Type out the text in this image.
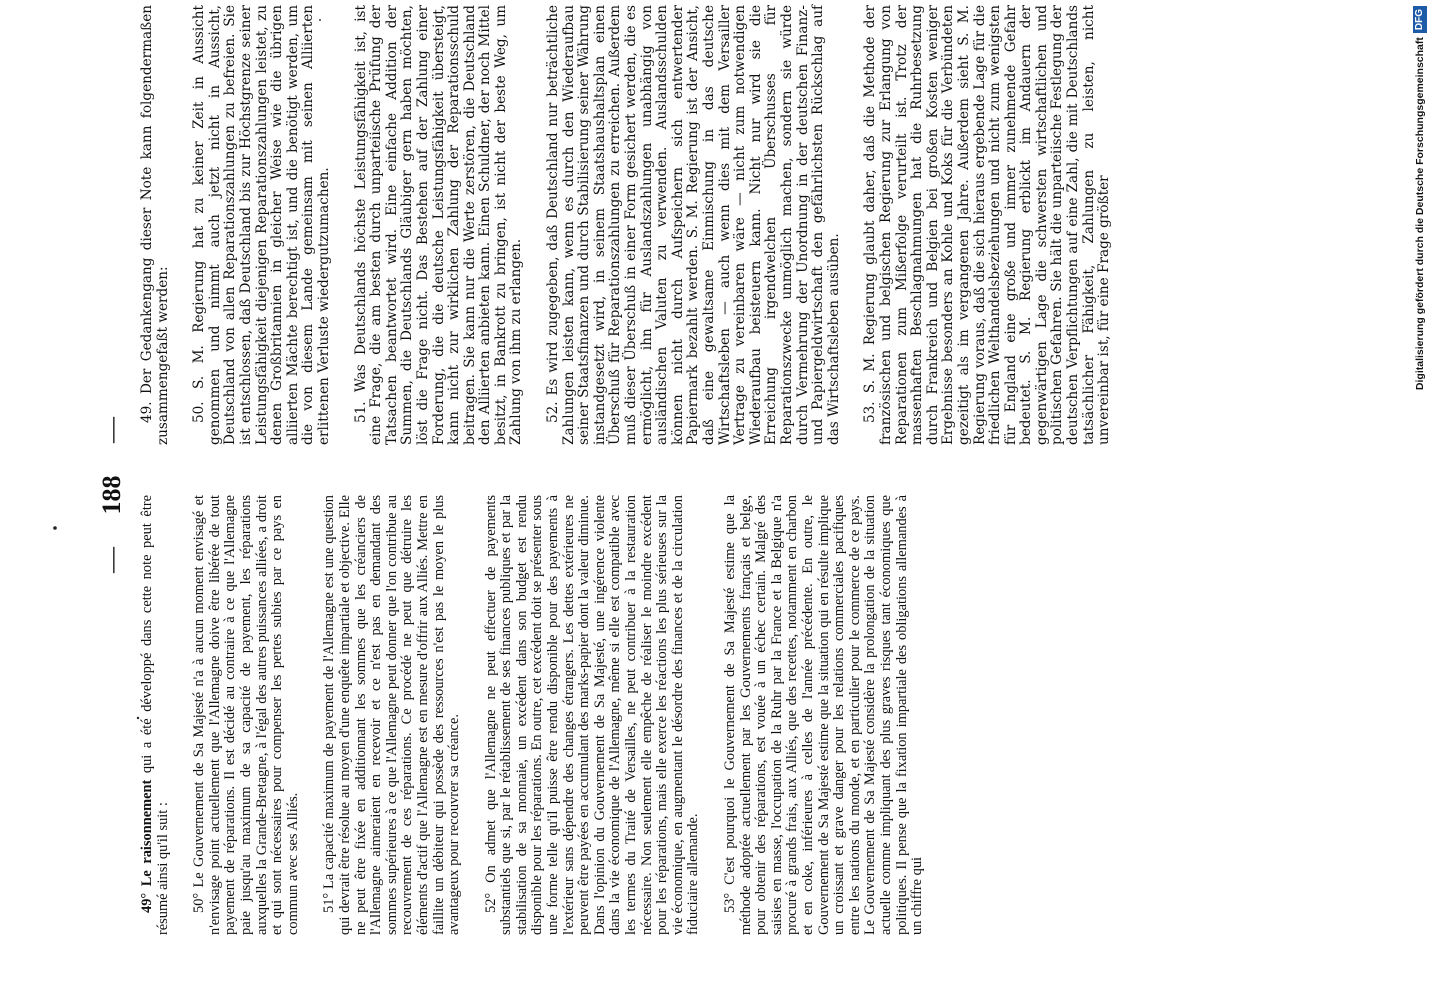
— 188 —

49° Le raisonnement qui a été développé dans cette note peut être résumé ainsi qu'il suit : 50° Le Gouvernement de Sa Majesté n'a à aucun moment envisagé et n'envisage point actuellement que l'Allemagne doive être libérée de tout payement de réparations. Il est décidé au contraire à ce que l'Allemagne paie jusqu'au maximum de sa capacité de payement, les réparations auxquelles la Grande-Bretagne, à l'égal des autres puissances alliées, a droit et qui sont nécessaires pour compenser les pertes subies par ce pays en commun avec ses Alliés. 51° La capacité maximum de payement de l'Allemagne est une question qui devrait être résolue au moyen d'une enquête impartiale et objective. Elle ne peut être fixée en additionnant les sommes que les créanciers de l'Allemagne aimeraient en recevoir et ce n'est pas en demandant des sommes supérieures à ce que l'Allemagne peut donner que l'on contribue au recouvrement de ces réparations. Ce procédé ne peut que détruire les éléments d'actif que l'Allemagne est en mesure d'offrir aux Alliés. Mettre en faillite un débiteur qui possède des ressources n'est pas le moyen le plus avantageux pour recouvrer sa créance. 52° On admet que l'Allemagne ne peut effectuer de payements substantiels que si, par le rétablissement de ses finances publiques et par la stabilisation de sa monnaie, un excédent dans son budget est rendu disponible pour les réparations. En outre, cet excédent doit se présenter sous une forme telle qu'il puisse être rendu disponible pour des payements à l'extérieur sans dépendre des changes étrangers. Les dettes extérieures ne peuvent être payées en accumulant des marks-papier dont la valeur diminue. Dans l'opinion du Gouvernement de Sa Majesté, une ingérence violente dans la vie économique de l'Allemagne, même si elle est compatible avec les termes du Traité de Versailles, ne peut contribuer à la restauration nécessaire. Non seulement elle empêche de réaliser le moindre excédent pour les réparations, mais elle exerce les réactions les plus sérieuses sur la vie économique, en augmentant le désordre des finances et de la circulation fiduciaire allemande. 53° C'est pourquoi le Gouvernement de Sa Majesté estime que la méthode adoptée actuellement par les Gouvernements français et belge, pour obtenir des réparations, est vouée à un échec certain. Malgré des saisies en masse, l'occupation de la Ruhr par la France et la Belgique n'a procuré à grands frais, aux Alliés, que des recettes, notamment en charbon et en coke, inférieures à celles de l'année précédente. En outre, le Gouvernement de Sa Majesté estime que la situation qui en résulte implique un croissant et grave danger pour les relations commerciales pacifiques entre les nations du monde, et en particulier pour le commerce de ce pays. Le Gouvernement de Sa Majesté considère la prolongation de la situation actuelle comme impliquant des plus graves risques tant économiques que politiques. Il pense que la fixation impartiale des obligations allemandes à un chiffre qui

49. Der Gedankengang dieser Note kann folgendermaßen zusammengefaßt werden: 50. S. M. Regierung hat zu keiner Zeit in Aussicht genommen und nimmt auch jetzt nicht in Aussicht, Deutschland von allen Reparationszahlungen zu befreien. Sie ist entschlossen, daß Deutschland bis zur Höchstgrenze seiner Leistungsfähigkeit diejenigen Reparationszahlungen leistet, zu denen Großbritannien in gleicher Weise wie die übrigen alliierten Mächte berechtigt ist, und die benötigt werden, um die von diesem Lande gemeinsam mit seinen Alliierten erlittenen Verluste wiedergutzumachen. 51. Was Deutschlands höchste Leistungsfähigkeit ist, ist eine Frage, die am besten durch unparteiische Prüfung der Tatsachen beantwortet wird. Eine einfache Addition der Summen, die Deutschlands Gläubiger gern haben möchten, löst die Frage nicht. Das Bestehen auf der Zahlung einer Forderung, die die deutsche Leistungsfähigkeit übersteigt, kann nicht zur wirklichen Zahlung der Reparationsschuld beitragen. Sie kann nur die Werte zerstören, die Deutschland den Alliierten anbieten kann. Einen Schuldner, der noch Mittel besitzt, in Bankrott zu bringen, ist nicht der beste Weg, um Zahlung von ihm zu erlangen. 52. Es wird zugegeben, daß Deutschland nur beträchtliche Zahlungen leisten kann, wenn es durch den Wiederaufbau seiner Staatsfinanzen und durch Stabilisierung seiner Währung instandgesetzt wird, in seinem Staatshaushaltsplan einen Überschuß für Reparationszahlungen zu erreichen. Außerdem muß dieser Überschuß in einer Form gesichert werden, die es ermöglicht, ihn für Auslandszahlungen unabhängig von ausländischen Valuten zu verwenden. Auslandsschulden können nicht durch Aufspeichern sich entwertender Papiermark bezahlt werden. S. M. Regierung ist der Ansicht, daß eine gewaltsame Einmischung in das deutsche Wirtschaftsleben — auch wenn dies mit dem Versailler Vertrage zu vereinbaren wäre — nicht zum notwendigen Wiederaufbau beisteuern kann. Nicht nur wird sie die Erreichung irgendwelchen Überschusses für Reparationszwecke unmöglich machen, sondern sie würde durch Vermehrung der Unordnung in der deutschen Finanz- und Papiergeldwirtschaft den gefährlichsten Rückschlag auf das Wirtschaftsleben ausüben. 53. S. M. Regierung glaubt daher, daß die Methode der französischen und belgischen Regierung zur Erlangung von Reparationen zum Mißerfolge verurteilt ist. Trotz der massenhaften Beschlagnahmungen hat die Ruhrbesetzung durch Frankreich und Belgien bei großen Kosten weniger Ergebnisse besonders an Kohle und Koks für die Verbündeten gezeitigt als im vergangenen Jahre. Außerdem sieht S. M. Regierung voraus, daß die sich hieraus ergebende Lage für die friedlichen Welthandelsbeziehungen und nicht zum wenigsten für England eine große und immer zunehmende Gefahr bedeutet. S. M. Regierung erblickt im Andauern der gegenwärtigen Lage die schwersten wirtschaftlichen und politischen Gefahren. Sie hält die unparteiische Festlegung der deutschen Verpflichtungen auf eine Zahl, die mit Deutschlands tatsächlicher Fähigkeit, Zahlungen zu leisten, nicht unvereinbar ist, für eine Frage größter	Digitalisierung gefördert durch die Deutsche ForschungsgemeinschaftDFG
